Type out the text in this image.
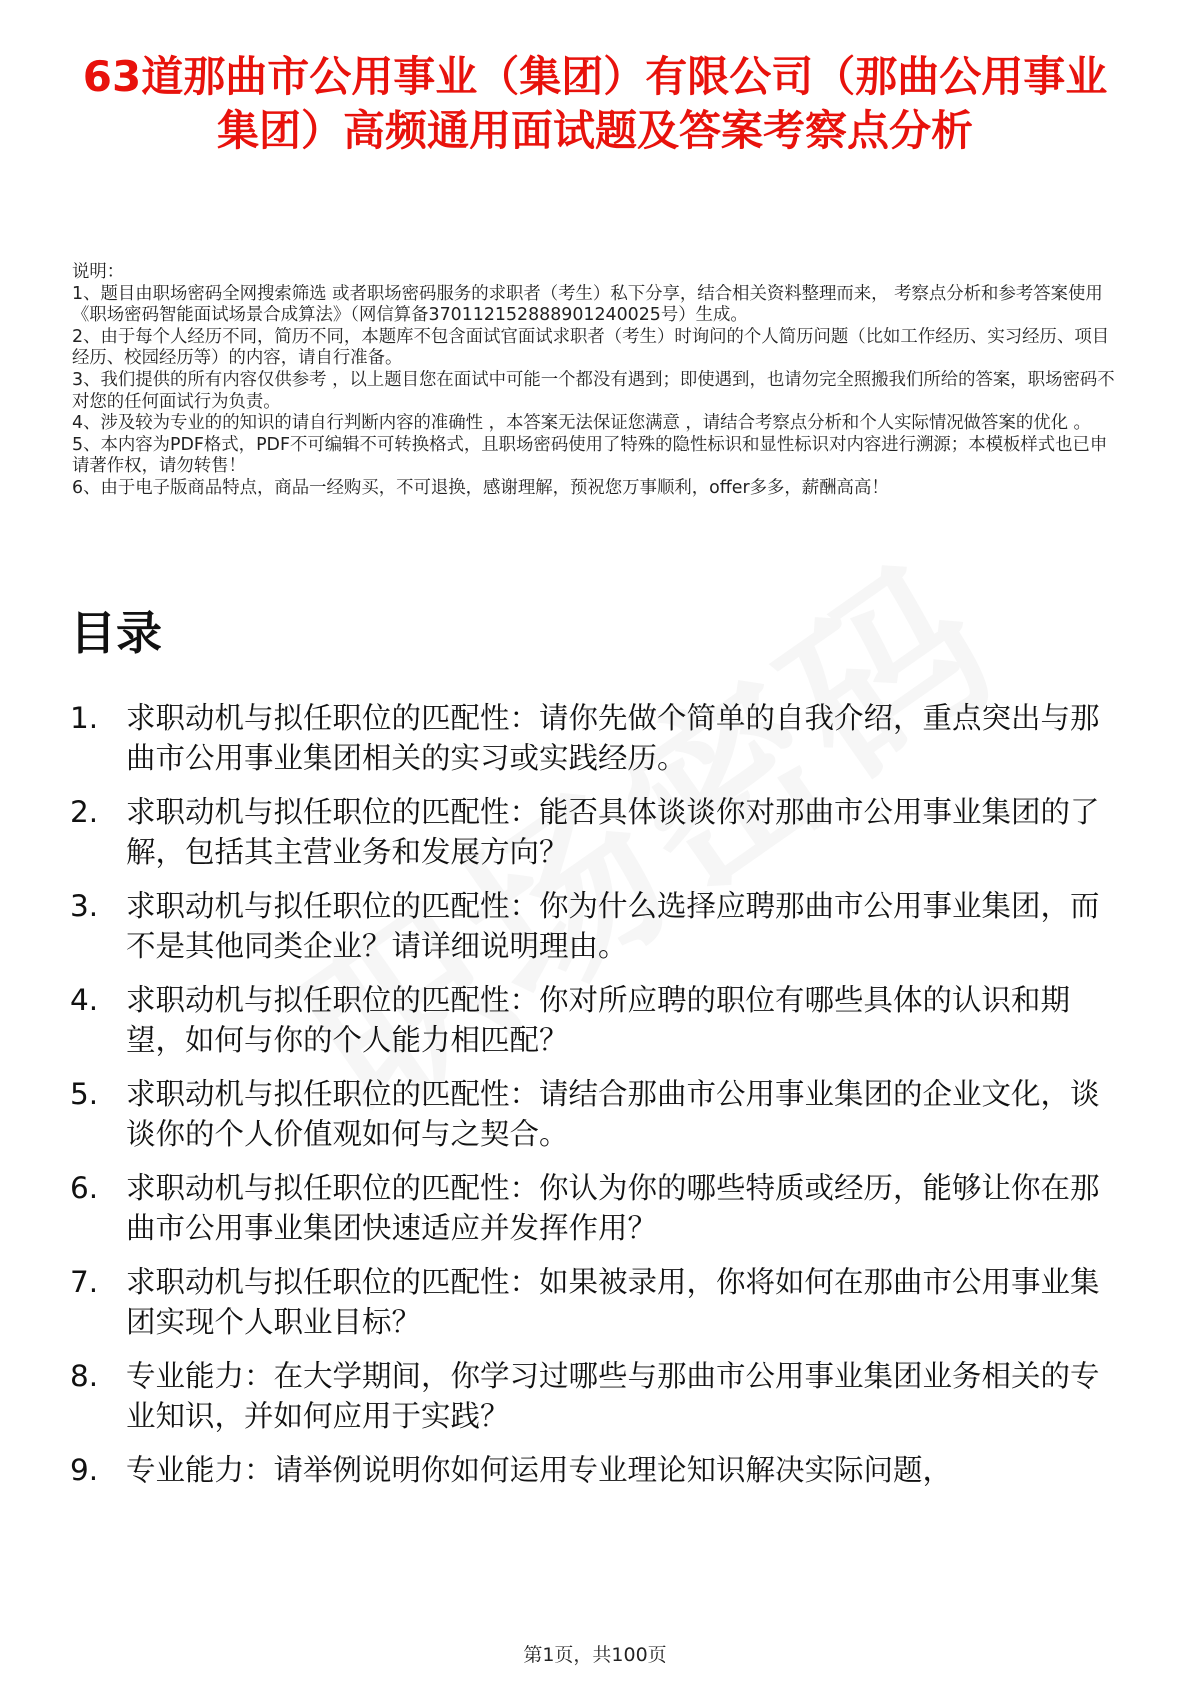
63道那曲市公用事业（集团）有限公司（那曲公用事业集团）高频通用面试题及答案考察点分析
说明：
1、题目由职场密码全网搜索筛选 或者职场密码服务的求职者（考生）私下分享，结合相关资料整理而来， 考察点分析和参考答案使用《职场密码智能面试场景合成算法》（网信算备370112152888901240025号）生成。
2、由于每个人经历不同，简历不同，本题库不包含面试官面试求职者（考生）时询问的个人简历问题（比如工作经历、实习经历、项目经历、校园经历等）的内容，请自行准备。
3、我们提供的所有内容仅供参考 ，以上题目您在面试中可能一个都没有遇到；即使遇到，也请勿完全照搬我们所给的答案，职场密码不对您的任何面试行为负责。
4、涉及较为专业的的知识的请自行判断内容的准确性 ，本答案无法保证您满意 ，请结合考察点分析和个人实际情况做答案的优化 。
5、本内容为PDF格式，PDF不可编辑不可转换格式，且职场密码使用了特殊的隐性标识和显性标识对内容进行溯源；本模板样式也已申请著作权，请勿转售！
6、由于电子版商品特点，商品一经购买，不可退换，感谢理解，预祝您万事顺利，offer多多，薪酬高高！
目录
1. 求职动机与拟任职位的匹配性：请你先做个简单的自我介绍，重点突出与那曲市公用事业集团相关的实习或实践经历。
2. 求职动机与拟任职位的匹配性：能否具体谈谈你对那曲市公用事业集团的了解，包括其主营业务和发展方向？
3. 求职动机与拟任职位的匹配性：你为什么选择应聘那曲市公用事业集团，而不是其他同类企业？请详细说明理由。
4. 求职动机与拟任职位的匹配性：你对所应聘的职位有哪些具体的认识和期望，如何与你的个人能力相匹配？
5. 求职动机与拟任职位的匹配性：请结合那曲市公用事业集团的企业文化，谈谈你的个人价值观如何与之契合。
6. 求职动机与拟任职位的匹配性：你认为你的哪些特质或经历，能够让你在那曲市公用事业集团快速适应并发挥作用？
7. 求职动机与拟任职位的匹配性：如果被录用，你将如何在那曲市公用事业集团实现个人职业目标？
8. 专业能力：在大学期间，你学习过哪些与那曲市公用事业集团业务相关的专业知识，并如何应用于实践？
9. 专业能力：请举例说明你如何运用专业理论知识解决实际问题，
第1页，共100页
